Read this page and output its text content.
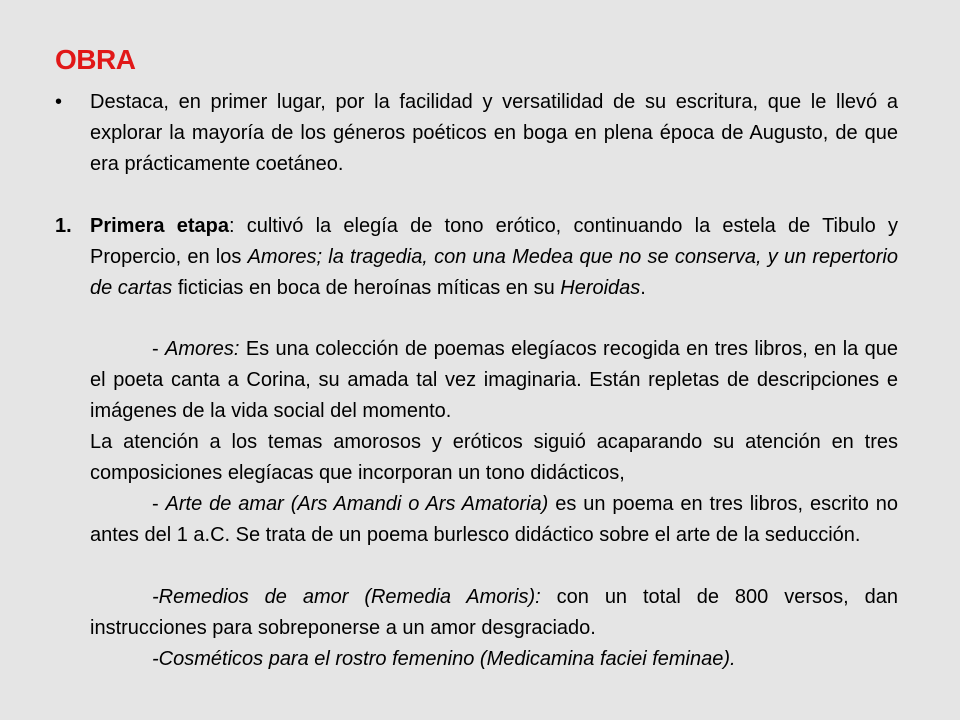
OBRA
• Destaca, en primer lugar, por la facilidad y versatilidad de su escritura, que le llevó a explorar la mayoría de los géneros poéticos en boga en plena época de Augusto, de que era prácticamente coetáneo.
1. Primera etapa: cultivó la elegía de tono erótico, continuando la estela de Tibulo y Propercio, en los Amores; la tragedia, con una Medea que no se conserva, y un repertorio de cartas ficticias en boca de heroínas míticas en su Heroidas.
- Amores: Es una colección de poemas elegíacos recogida en tres libros, en la que el poeta canta a Corina, su amada tal vez imaginaria. Están repletas de descripciones e imágenes de la vida social del momento.
La atención a los temas amorosos y eróticos siguió acaparando su atención en tres composiciones elegíacas que incorporan un tono didácticos,
- Arte de amar (Ars Amandi o Ars Amatoria) es un poema en tres libros, escrito no antes del 1 a.C. Se trata de un poema burlesco didáctico sobre el arte de la seducción.
-Remedios de amor (Remedia Amoris): con un total de 800 versos, dan instrucciones para sobreponerse a un amor desgraciado.
-Cosméticos para el rostro femenino (Medicamina faciei feminae).
